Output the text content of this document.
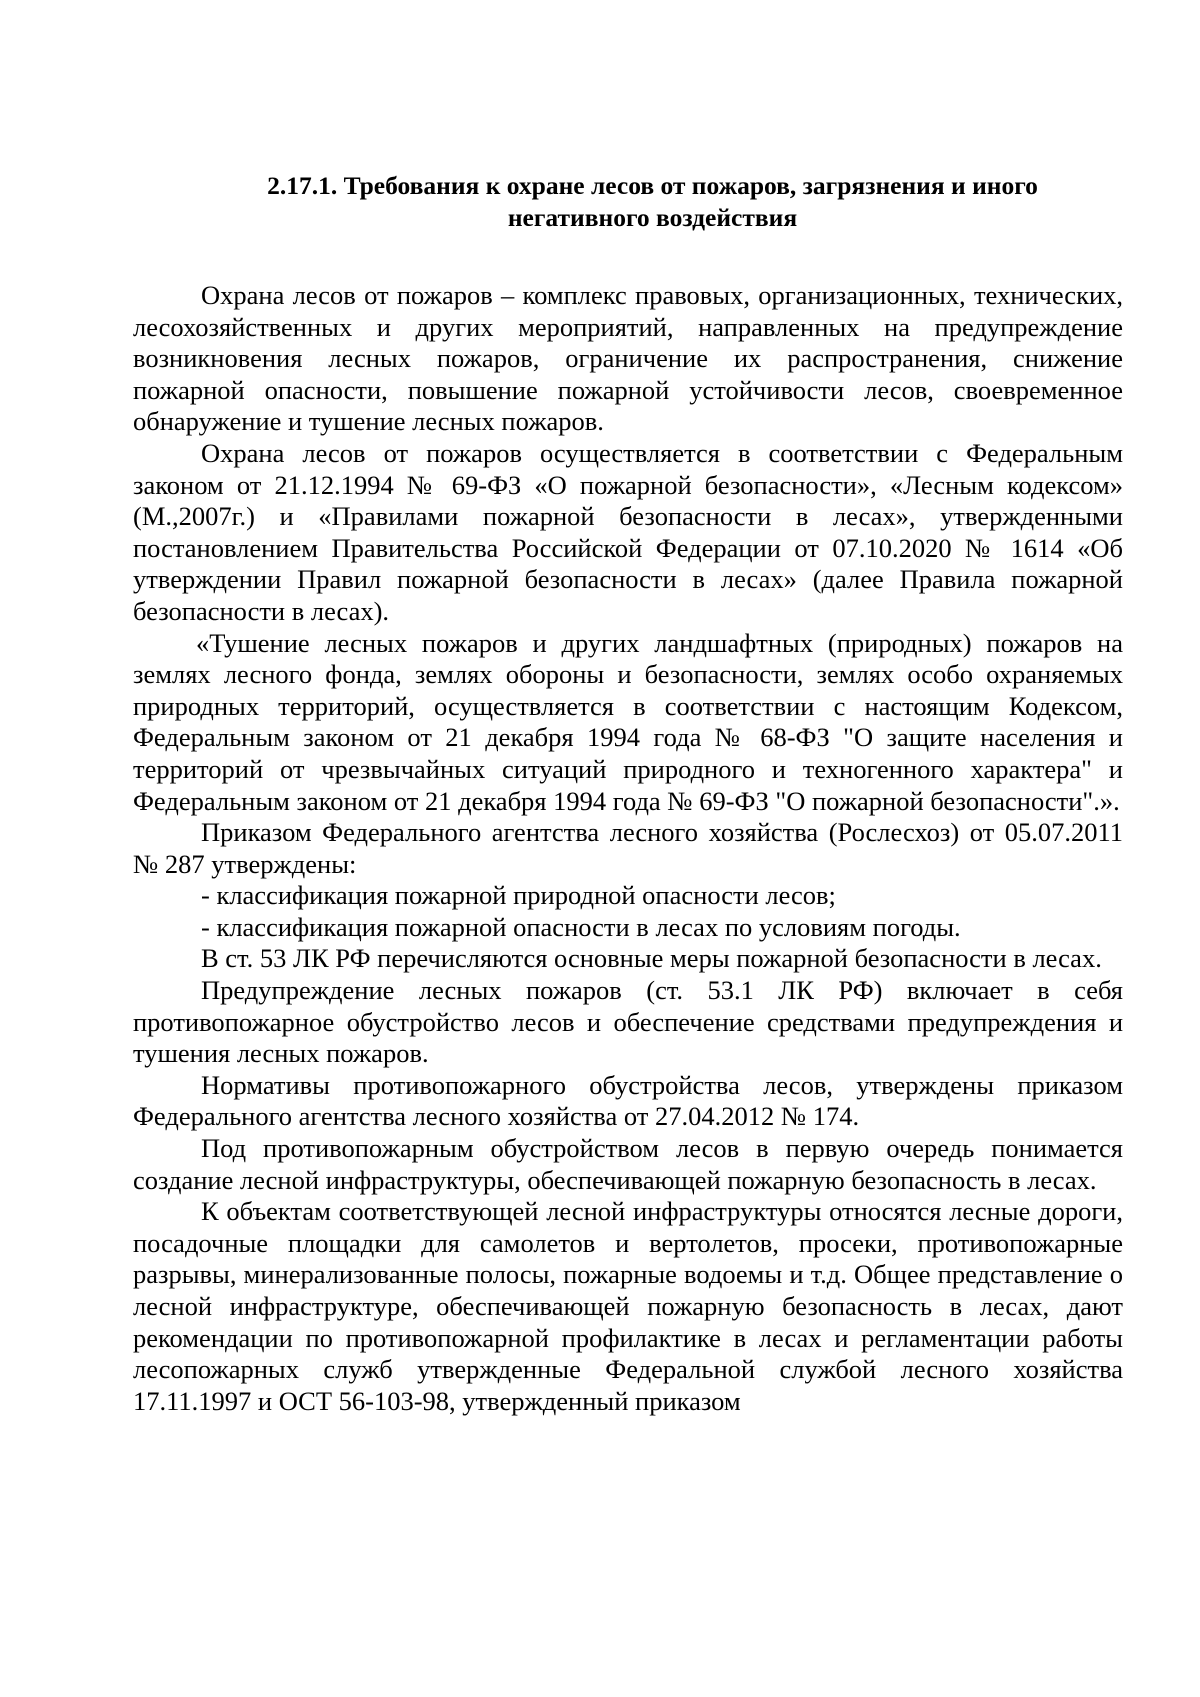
2.17.1. Требования к охране лесов от пожаров, загрязнения и иного
негативного воздействия

Охрана лесов от пожаров – комплекс правовых, организационных, технических, лесохозяйственных и других мероприятий, направленных на предупреждение возникновения лесных пожаров, ограничение их распространения, снижение пожарной опасности, повышение пожарной устойчивости лесов, своевременное обнаружение и тушение лесных пожаров.

Охрана лесов от пожаров осуществляется в соответствии с Федеральным законом от 21.12.1994 № 69-ФЗ «О пожарной безопасности», «Лесным кодексом» (М.,2007г.) и «Правилами пожарной безопасности в лесах», утвержденными постановлением Правительства Российской Федерации от 07.10.2020 № 1614 «Об утверждении Правил пожарной безопасности в лесах» (далее Правила пожарной безопасности в лесах).

«Тушение лесных пожаров и других ландшафтных (природных) пожаров на землях лесного фонда, землях обороны и безопасности, землях особо охраняемых природных территорий, осуществляется в соответствии с настоящим Кодексом, Федеральным законом от 21 декабря 1994 года № 68-ФЗ "О защите населения и территорий от чрезвычайных ситуаций природного и техногенного характера" и Федеральным законом от 21 декабря 1994 года № 69-ФЗ "О пожарной безопасности".».

Приказом Федерального агентства лесного хозяйства (Рослесхоз) от 05.07.2011 № 287 утверждены:

- классификация пожарной природной опасности лесов;

- классификация пожарной опасности в лесах по условиям погоды.

В ст. 53 ЛК РФ перечисляются основные меры пожарной безопасности в лесах.

Предупреждение лесных пожаров (ст. 53.1 ЛК РФ) включает в себя противопожарное обустройство лесов и обеспечение средствами предупреждения и тушения лесных пожаров.

Нормативы противопожарного обустройства лесов, утверждены приказом Федерального агентства лесного хозяйства от 27.04.2012 № 174.

Под противопожарным обустройством лесов в первую очередь понимается создание лесной инфраструктуры, обеспечивающей пожарную безопасность в лесах.

К объектам соответствующей лесной инфраструктуры относятся лесные дороги, посадочные площадки для самолетов и вертолетов, просеки, противопожарные разрывы, минерализованные полосы, пожарные водоемы и т.д. Общее представление о лесной инфраструктуре, обеспечивающей пожарную безопасность в лесах, дают рекомендации по противопожарной профилактике в лесах и регламентации работы лесопожарных служб утвержденные Федеральной службой лесного хозяйства 17.11.1997 и ОСТ 56-103-98, утвержденный приказом
